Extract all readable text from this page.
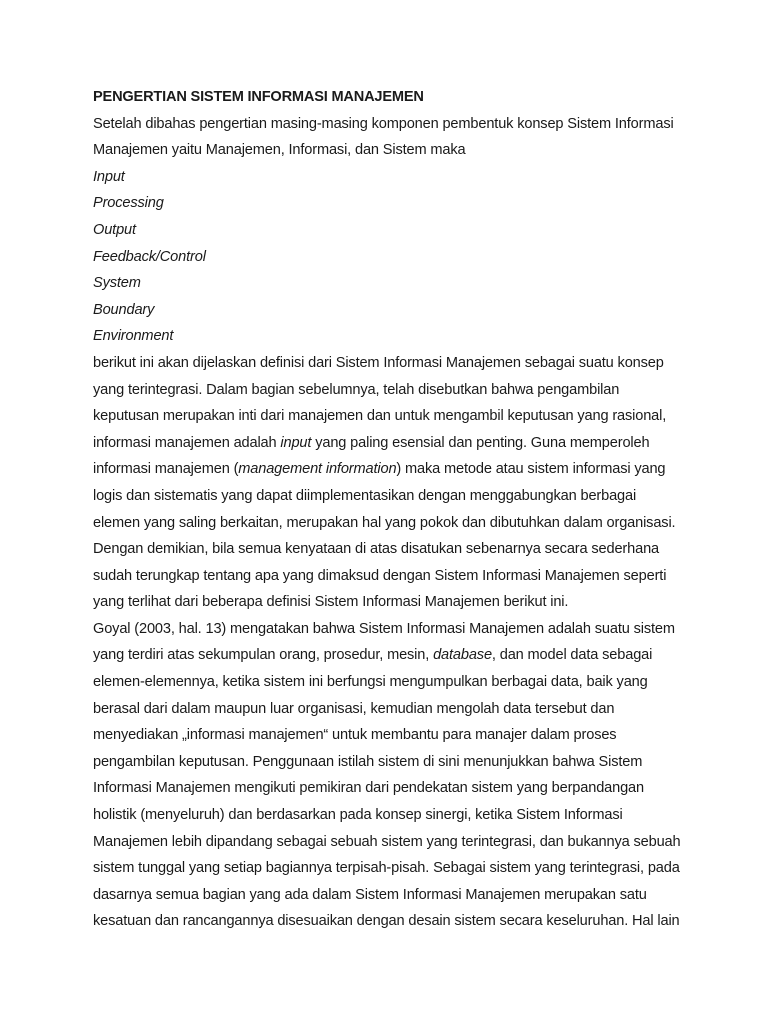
PENGERTIAN SISTEM INFORMASI MANAJEMEN
Setelah dibahas pengertian masing-masing komponen pembentuk konsep Sistem Informasi
Manajemen yaitu Manajemen, Informasi, dan Sistem maka
Input
Processing
Output
Feedback/Control
System
Boundary
Environment
berikut ini akan dijelaskan definisi dari Sistem Informasi Manajemen sebagai suatu konsep
yang terintegrasi. Dalam bagian sebelumnya, telah disebutkan bahwa pengambilan
keputusan merupakan inti dari manajemen dan untuk mengambil keputusan yang rasional,
informasi manajemen adalah input yang paling esensial dan penting. Guna memperoleh
informasi manajemen (management information) maka metode atau sistem informasi yang
logis dan sistematis yang dapat diimplementasikan dengan menggabungkan berbagai
elemen yang saling berkaitan, merupakan hal yang pokok dan dibutuhkan dalam organisasi.
Dengan demikian, bila semua kenyataan di atas disatukan sebenarnya secara sederhana
sudah terungkap tentang apa yang dimaksud dengan Sistem Informasi Manajemen seperti
yang terlihat dari beberapa definisi Sistem Informasi Manajemen berikut ini.
Goyal (2003, hal. 13) mengatakan bahwa Sistem Informasi Manajemen adalah suatu sistem
yang terdiri atas sekumpulan orang, prosedur, mesin, database, dan model data sebagai
elemen-elemennya, ketika sistem ini berfungsi mengumpulkan berbagai data, baik yang
berasal dari dalam maupun luar organisasi, kemudian mengolah data tersebut dan
menyediakan „informasi manajemen“ untuk membantu para manajer dalam proses
pengambilan keputusan. Penggunaan istilah sistem di sini menunjukkan bahwa Sistem
Informasi Manajemen mengikuti pemikiran dari pendekatan sistem yang berpandangan
holistik (menyeluruh) dan berdasarkan pada konsep sinergi, ketika Sistem Informasi
Manajemen lebih dipandang sebagai sebuah sistem yang terintegrasi, dan bukannya sebuah
sistem tunggal yang setiap bagiannya terpisah-pisah. Sebagai sistem yang terintegrasi, pada
dasarnya semua bagian yang ada dalam Sistem Informasi Manajemen merupakan satu
kesatuan dan rancangannya disesuaikan dengan desain sistem secara keseluruhan. Hal lain
